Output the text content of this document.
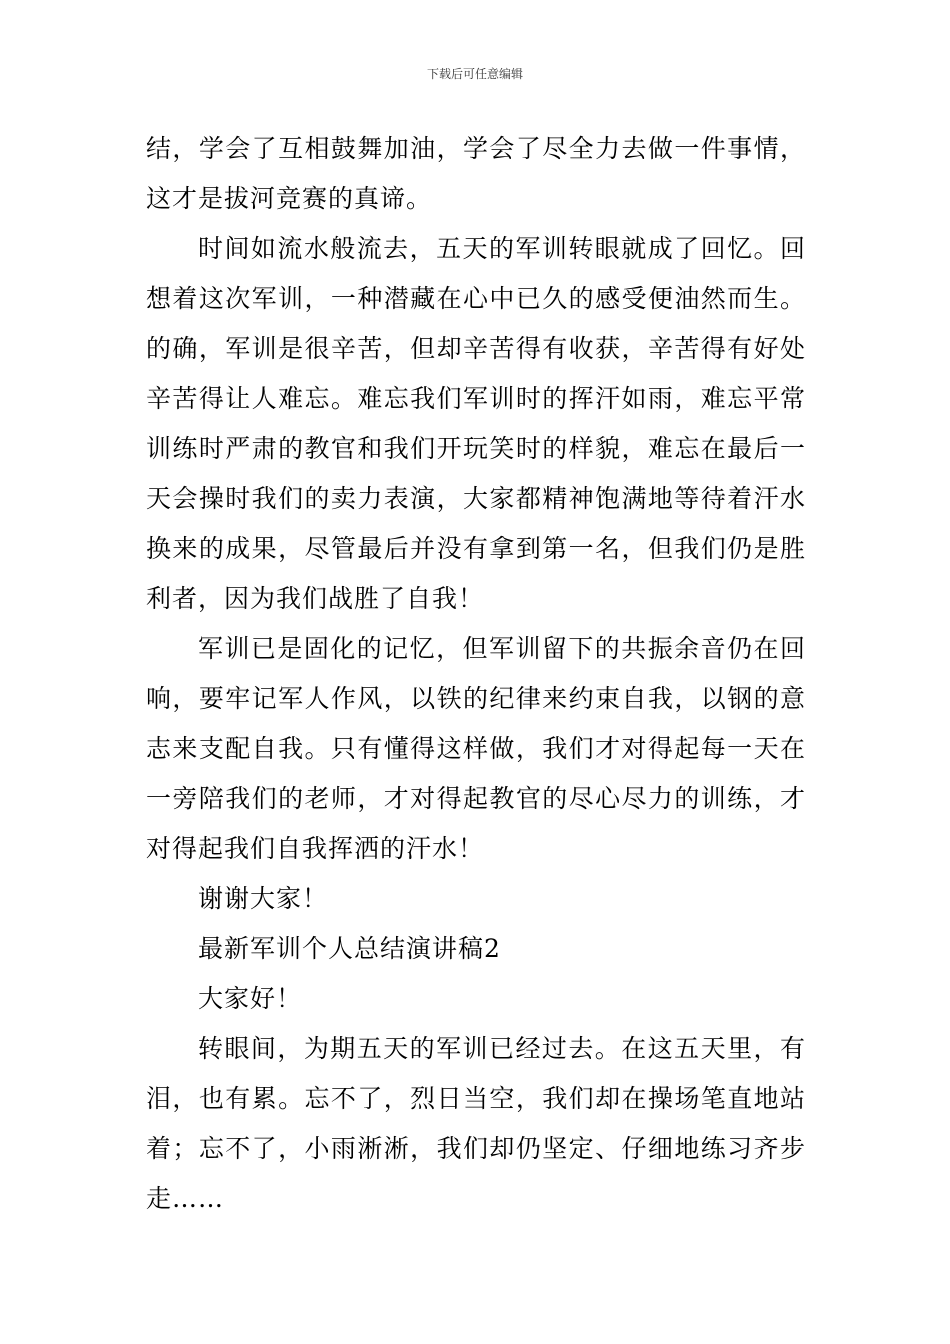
下载后可任意编辑

结，学会了互相鼓舞加油，学会了尽全力去做一件事情，这才是拔河竞赛的真谛。

时间如流水般流去，五天的军训转眼就成了回忆。回想着这次军训，一种潜藏在心中已久的感受便油然而生。的确，军训是很辛苦，但却辛苦得有收获，辛苦得有好处辛苦得让人难忘。难忘我们军训时的挥汗如雨，难忘平常训练时严肃的教官和我们开玩笑时的样貌，难忘在最后一天会操时我们的卖力表演，大家都精神饱满地等待着汗水换来的成果，尽管最后并没有拿到第一名，但我们仍是胜利者，因为我们战胜了自我！

军训已是固化的记忆，但军训留下的共振余音仍在回响，要牢记军人作风，以铁的纪律来约束自我，以钢的意志来支配自我。只有懂得这样做，我们才对得起每一天在一旁陪我们的老师，才对得起教官的尽心尽力的训练，才对得起我们自我挥洒的汗水！

谢谢大家！

最新军训个人总结演讲稿2

大家好！

转眼间，为期五天的军训已经过去。在这五天里，有泪，也有累。忘不了，烈日当空，我们却在操场笔直地站着；忘不了，小雨淅淅，我们却仍坚定、仔细地练习齐步走……
